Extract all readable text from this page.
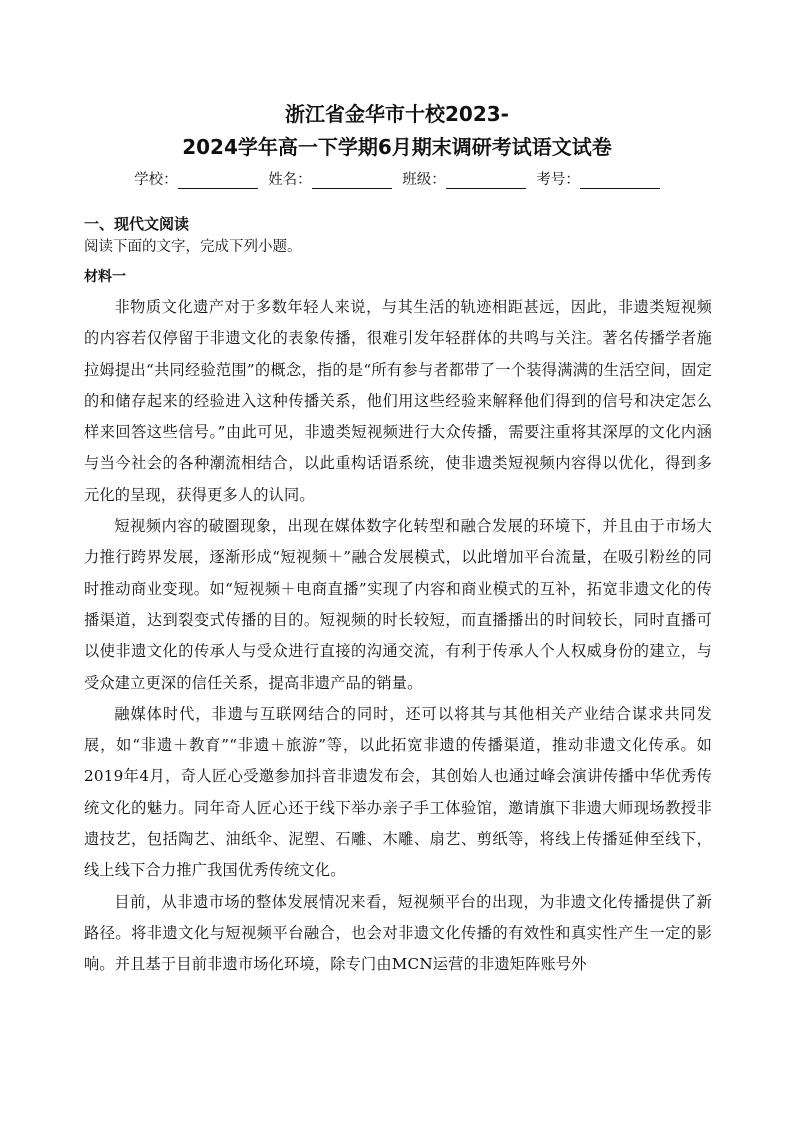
浙江省金华市十校2023-
2024学年高一下学期6月期末调研考试语文试卷
学校：	姓名：	班级：	考号：
一、现代文阅读
阅读下面的文字，完成下列小题。
材料一

非物质文化遗产对于多数年轻人来说，与其生活的轨迹相距甚远，因此，非遗类短视频的内容若仅停留于非遗文化的表象传播，很难引发年轻群体的共鸣与关注。著名传播学者施拉姆提出“共同经验范围”的概念，指的是“所有参与者都带了一个装得满满的生活空间，固定的和储存起来的经验进入这种传播关系，他们用这些经验来解释他们得到的信号和决定怎么样来回答这些信号。”由此可见，非遗类短视频进行大众传播，需要注重将其深厚的文化内涵与当今社会的各种潮流相结合，以此重构话语系统，使非遗类短视频内容得以优化，得到多元化的呈现，获得更多人的认同。

短视频内容的破圈现象，出现在媒体数字化转型和融合发展的环境下，并且由于市场大力推行跨界发展，逐渐形成“短视频＋”融合发展模式，以此增加平台流量，在吸引粉丝的同时推动商业变现。如“短视频＋电商直播”实现了内容和商业模式的互补，拓宽非遗文化的传播渠道，达到裂变式传播的目的。短视频的时长较短，而直播播出的时间较长，同时直播可以使非遗文化的传承人与受众进行直接的沟通交流，有利于传承人个人权威身份的建立，与受众建立更深的信任关系，提高非遗产品的销量。

融媒体时代，非遗与互联网结合的同时，还可以将其与其他相关产业结合谋求共同发展，如“非遗＋教育”“非遗＋旅游”等，以此拓宽非遗的传播渠道，推动非遗文化传承。如2019年4月，奇人匠心受邀参加抖音非遗发布会，其创始人也通过峰会演讲传播中华优秀传统文化的魅力。同年奇人匠心还于线下举办亲子手工体验馆，邀请旗下非遗大师现场教授非遗技艺，包括陶艺、油纸伞、泥塑、石雕、木雕、扇艺、剪纸等，将线上传播延伸至线下，线上线下合力推广我国优秀传统文化。

目前，从非遗市场的整体发展情况来看，短视频平台的出现，为非遗文化传播提供了新路径。将非遗文化与短视频平台融合，也会对非遗文化传播的有效性和真实性产生一定的影响。并且基于目前非遗市场化环境，除专门由MCN运营的非遗矩阵账号外
